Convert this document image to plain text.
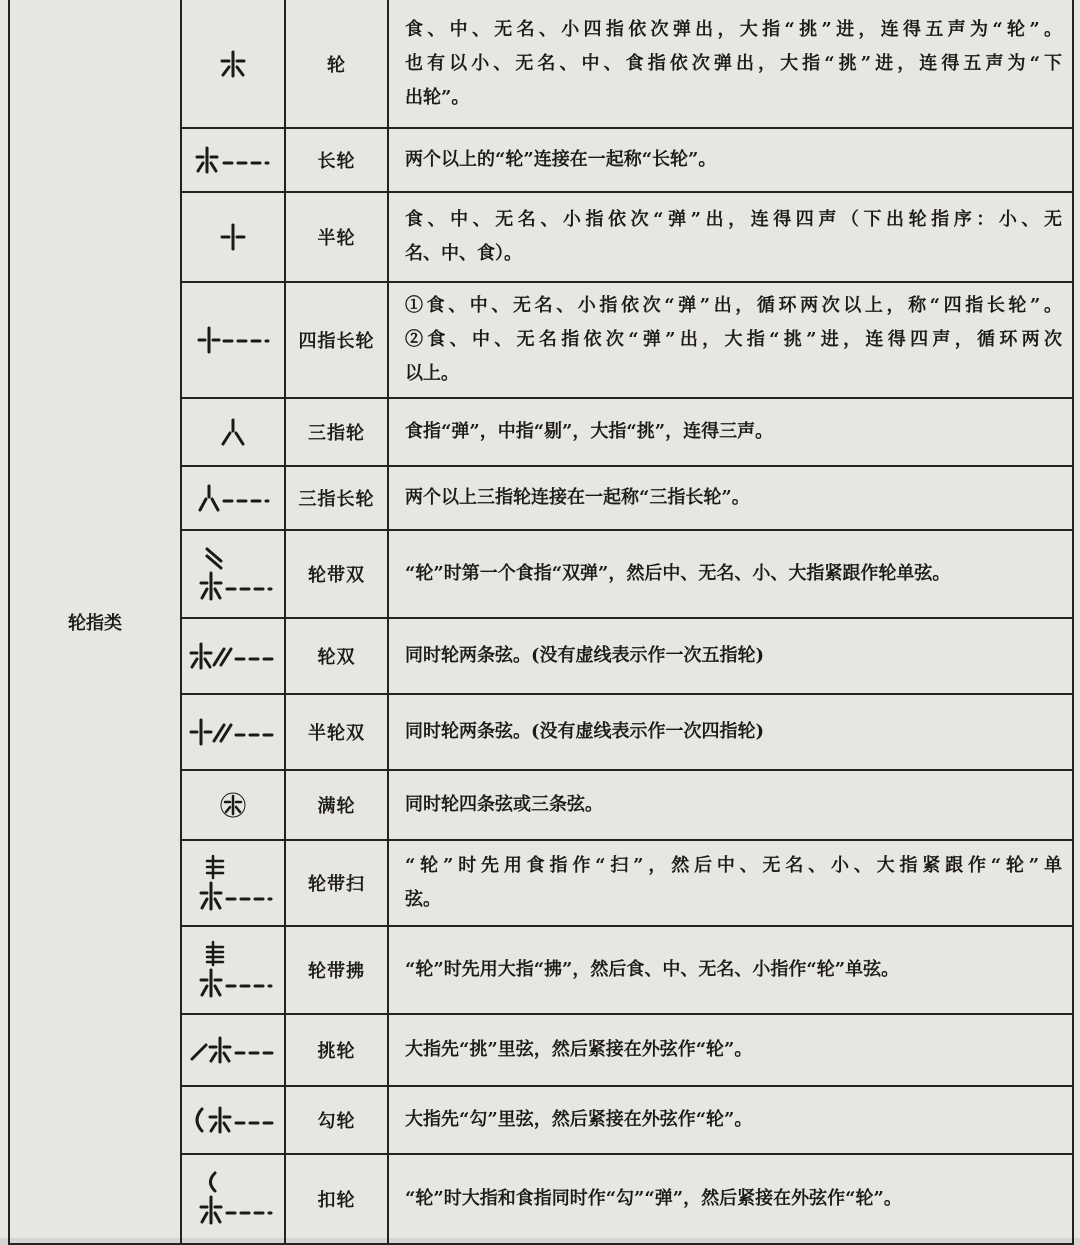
轮指类		轮	食、中、无名、小四指依次弹出，大指“挑”进，连得五声为“轮”。
也有以小、无名、中、食指依次弹出，大指“挑”进，连得五声为“下
出轮”。

	长轮	两个以上的“轮”连接在一起称“长轮”。

	半轮	食、中、无名、小指依次“弹”出，连得四声（下出轮指序：小、无
名、中、食）。

	四指长轮	①食、中、无名、小指依次“弹”出，循环两次以上，称“四指长轮”。
②食、中、无名指依次“弹”出，大指“挑”进，连得四声，循环两次
以上。

	三指轮	食指“弹”，中指“剔”，大指“挑”，连得三声。

	三指长轮	两个以上三指轮连接在一起称“三指长轮”。

	轮带双	“轮”时第一个食指“双弹”，然后中、无名、小、大指紧跟作轮单弦。

	轮双	同时轮两条弦。(没有虚线表示作一次五指轮)

	半轮双	同时轮两条弦。(没有虚线表示作一次四指轮)

	满轮	同时轮四条弦或三条弦。

	轮带扫	“轮”时先用食指作“扫”，然后中、无名、小、大指紧跟作“轮”单
弦。

	轮带拂	“轮”时先用大指“拂”，然后食、中、无名、小指作“轮”单弦。

	挑轮	大指先“挑”里弦，然后紧接在外弦作“轮”。

	勾轮	大指先“勾”里弦，然后紧接在外弦作“轮”。

	扣轮	“轮”时大指和食指同时作“勾”“弹”，然后紧接在外弦作“轮”。
